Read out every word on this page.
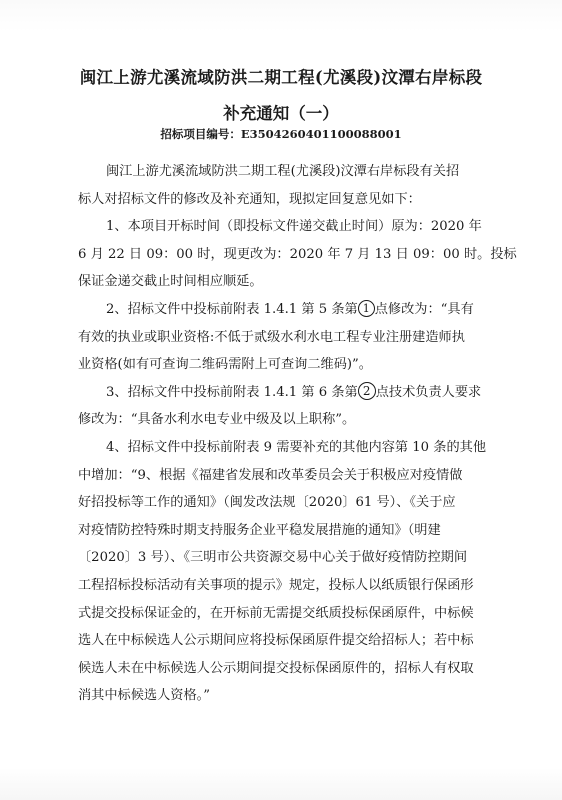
闽江上游尤溪流域防洪二期工程(尤溪段)汶潭右岸标段
补充通知（一）
招标项目编号：E3504260401100088001

闽江上游尤溪流域防洪二期工程(尤溪段)汶潭右岸标段有关招
标人对招标文件的修改及补充通知，现拟定回复意见如下：

1、本项目开标时间（即投标文件递交截止时间）原为：2020 年
6 月 22 日 09：00 时，现更改为：2020 年 7 月 13 日 09：00 时。投标
保证金递交截止时间相应顺延。

2、招标文件中投标前附表 1.4.1 第 5 条第 1 点修改为：“具有
有效的执业或职业资格:不低于贰级水利水电工程专业注册建造师执
业资格(如有可查询二维码需附上可查询二维码)”。

3、招标文件中投标前附表 1.4.1 第 6 条第 2 点技术负责人要求
修改为：“具备水利水电专业中级及以上职称”。

4、招标文件中投标前附表 9 需要补充的其他内容第 10 条的其他
中增加：“9、根据《福建省发展和改革委员会关于积极应对疫情做
好招投标等工作的通知》（闽发改法规〔2020〕61 号）、《关于应
对疫情防控特殊时期支持服务企业平稳发展措施的通知》（明建
〔2020〕3 号）、《三明市公共资源交易中心关于做好疫情防控期间
工程招标投标活动有关事项的提示》规定，投标人以纸质银行保函形
式提交投标保证金的，在开标前无需提交纸质投标保函原件，中标候
选人在中标候选人公示期间应将投标保函原件提交给招标人；若中标
候选人未在中标候选人公示期间提交投标保函原件的，招标人有权取
消其中标候选人资格。”
